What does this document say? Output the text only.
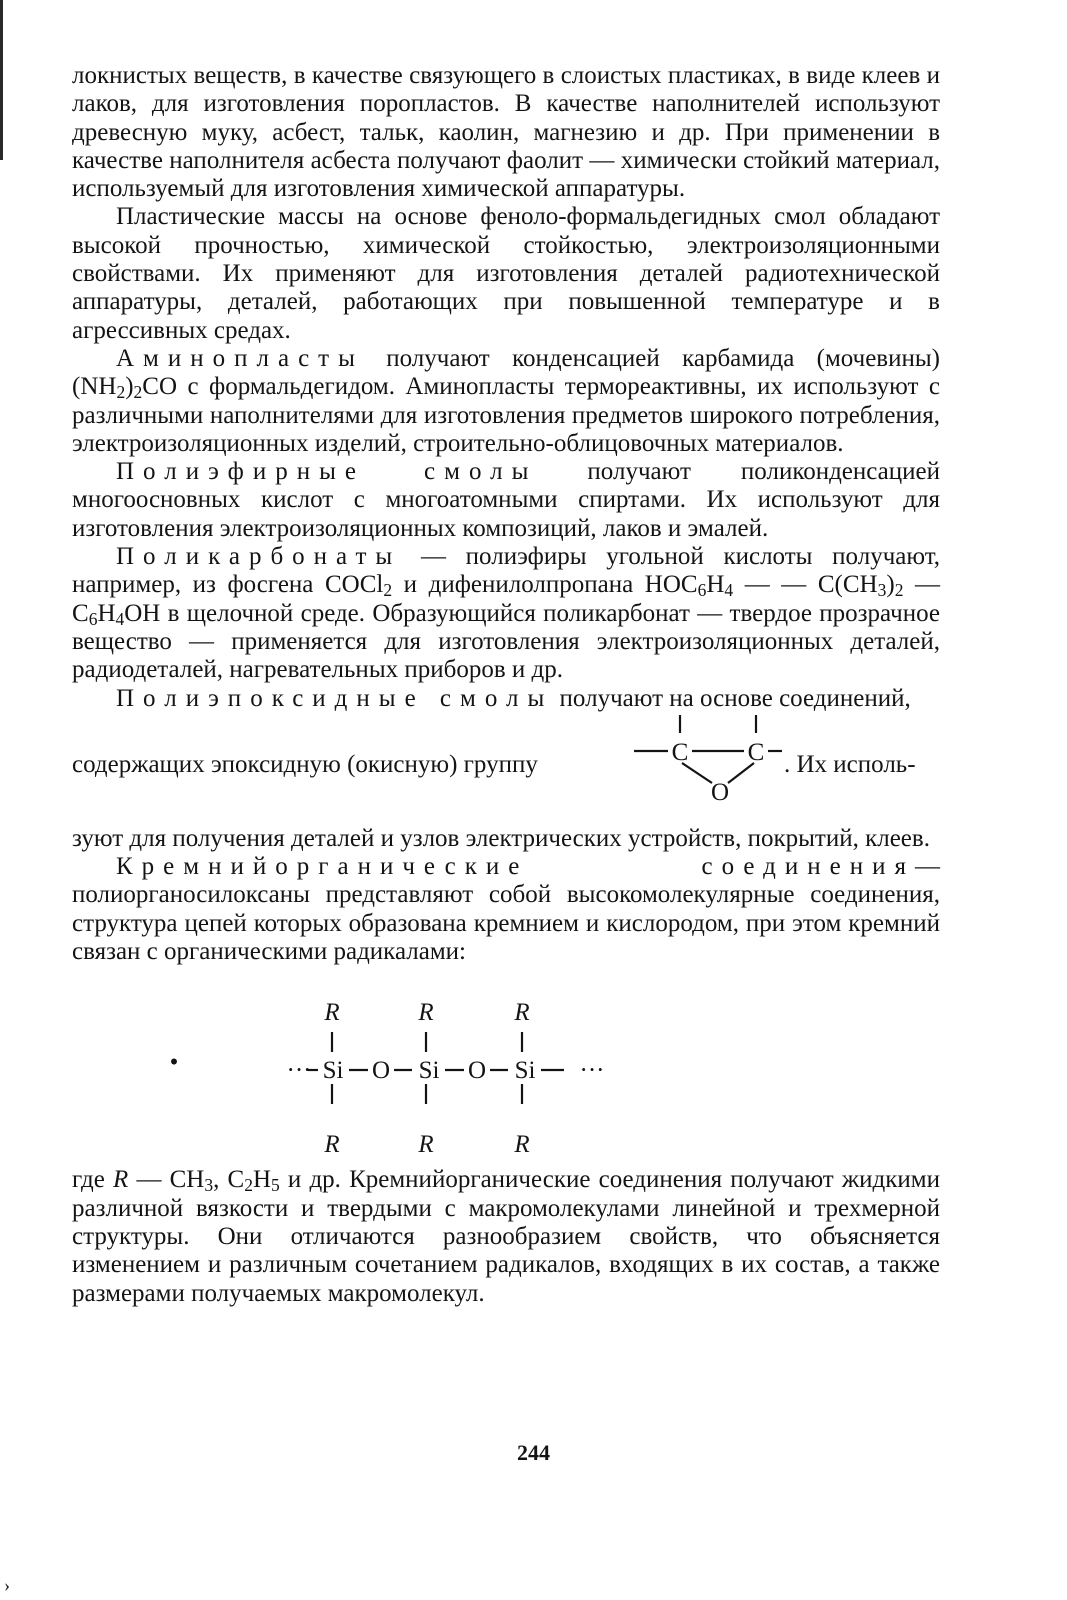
локнистых веществ, в качестве связующего в слоистых пластиках, в виде клеев и лаков, для изготовления поропластов. В качестве наполнителей используют древесную муку, асбест, тальк, каолин, магнезию и др. При применении в качестве наполнителя асбеста получают фаолит — химически стойкий материал, используемый для изготовления химической аппаратуры.

Пластические массы на основе феноло-формальдегидных смол обладают высокой прочностью, химической стойкостью, электроизоляционными свойствами. Их применяют для изготовления деталей радиотехнической аппаратуры, деталей, работающих при повышенной температуре и в агрессивных средах.

Аминопласты получают конденсацией карбамида (мочевины) $(NH_2)_2CO$ с формальдегидом. Аминопласты термореактивны, их используют с различными наполнителями для изготовления предметов широкого потребления, электроизоляционных изделий, строительно-облицовочных материалов.

Полиэфирные смолы получают поликонденсацией многоосновных кислот с многоатомными спиртами. Их используют для изготовления электроизоляционных композиций, лаков и эмалей.

Поликарбонаты — полиэфиры угольной кислоты получают, например, из фосгена COCl$_2$ и дифенилолпропана $HOC_6H_4$ — — $C(CH_3)_2$ — $C_6H_4OH$ в щелочной среде. Образующийся поликарбонат — твердое прозрачное вещество — применяется для изготовления электроизоляционных деталей, радиодеталей, нагревательных приборов и др.

Полиэпоксидные смолы получают на основе соединений,

содержащих эпоксидную (окисную) группу	C C
O
. Их исполь-

зуют для получения деталей и узлов электрических устройств, покрытий, клеев.

Кремнийорганические соединения—полиорганосилоксаны представляют собой высокомолекулярные соединения, структура цепей которых образована кремнием и кислородом, при этом кремний связан с органическими радикалами:

•
R	R	R
R	R	R
··· Si O Si O Si ···

где R — $CH_3$, $C_2H_5$ и др. Кремнийорганические соединения получают жидкими различной вязкости и твердыми с макромолекулами линейной и трехмерной структуры. Они отличаются разнообразием свойств, что объясняется изменением и различным сочетанием радикалов, входящих в их состав, а также размерами получаемых макромолекул.

244
›
